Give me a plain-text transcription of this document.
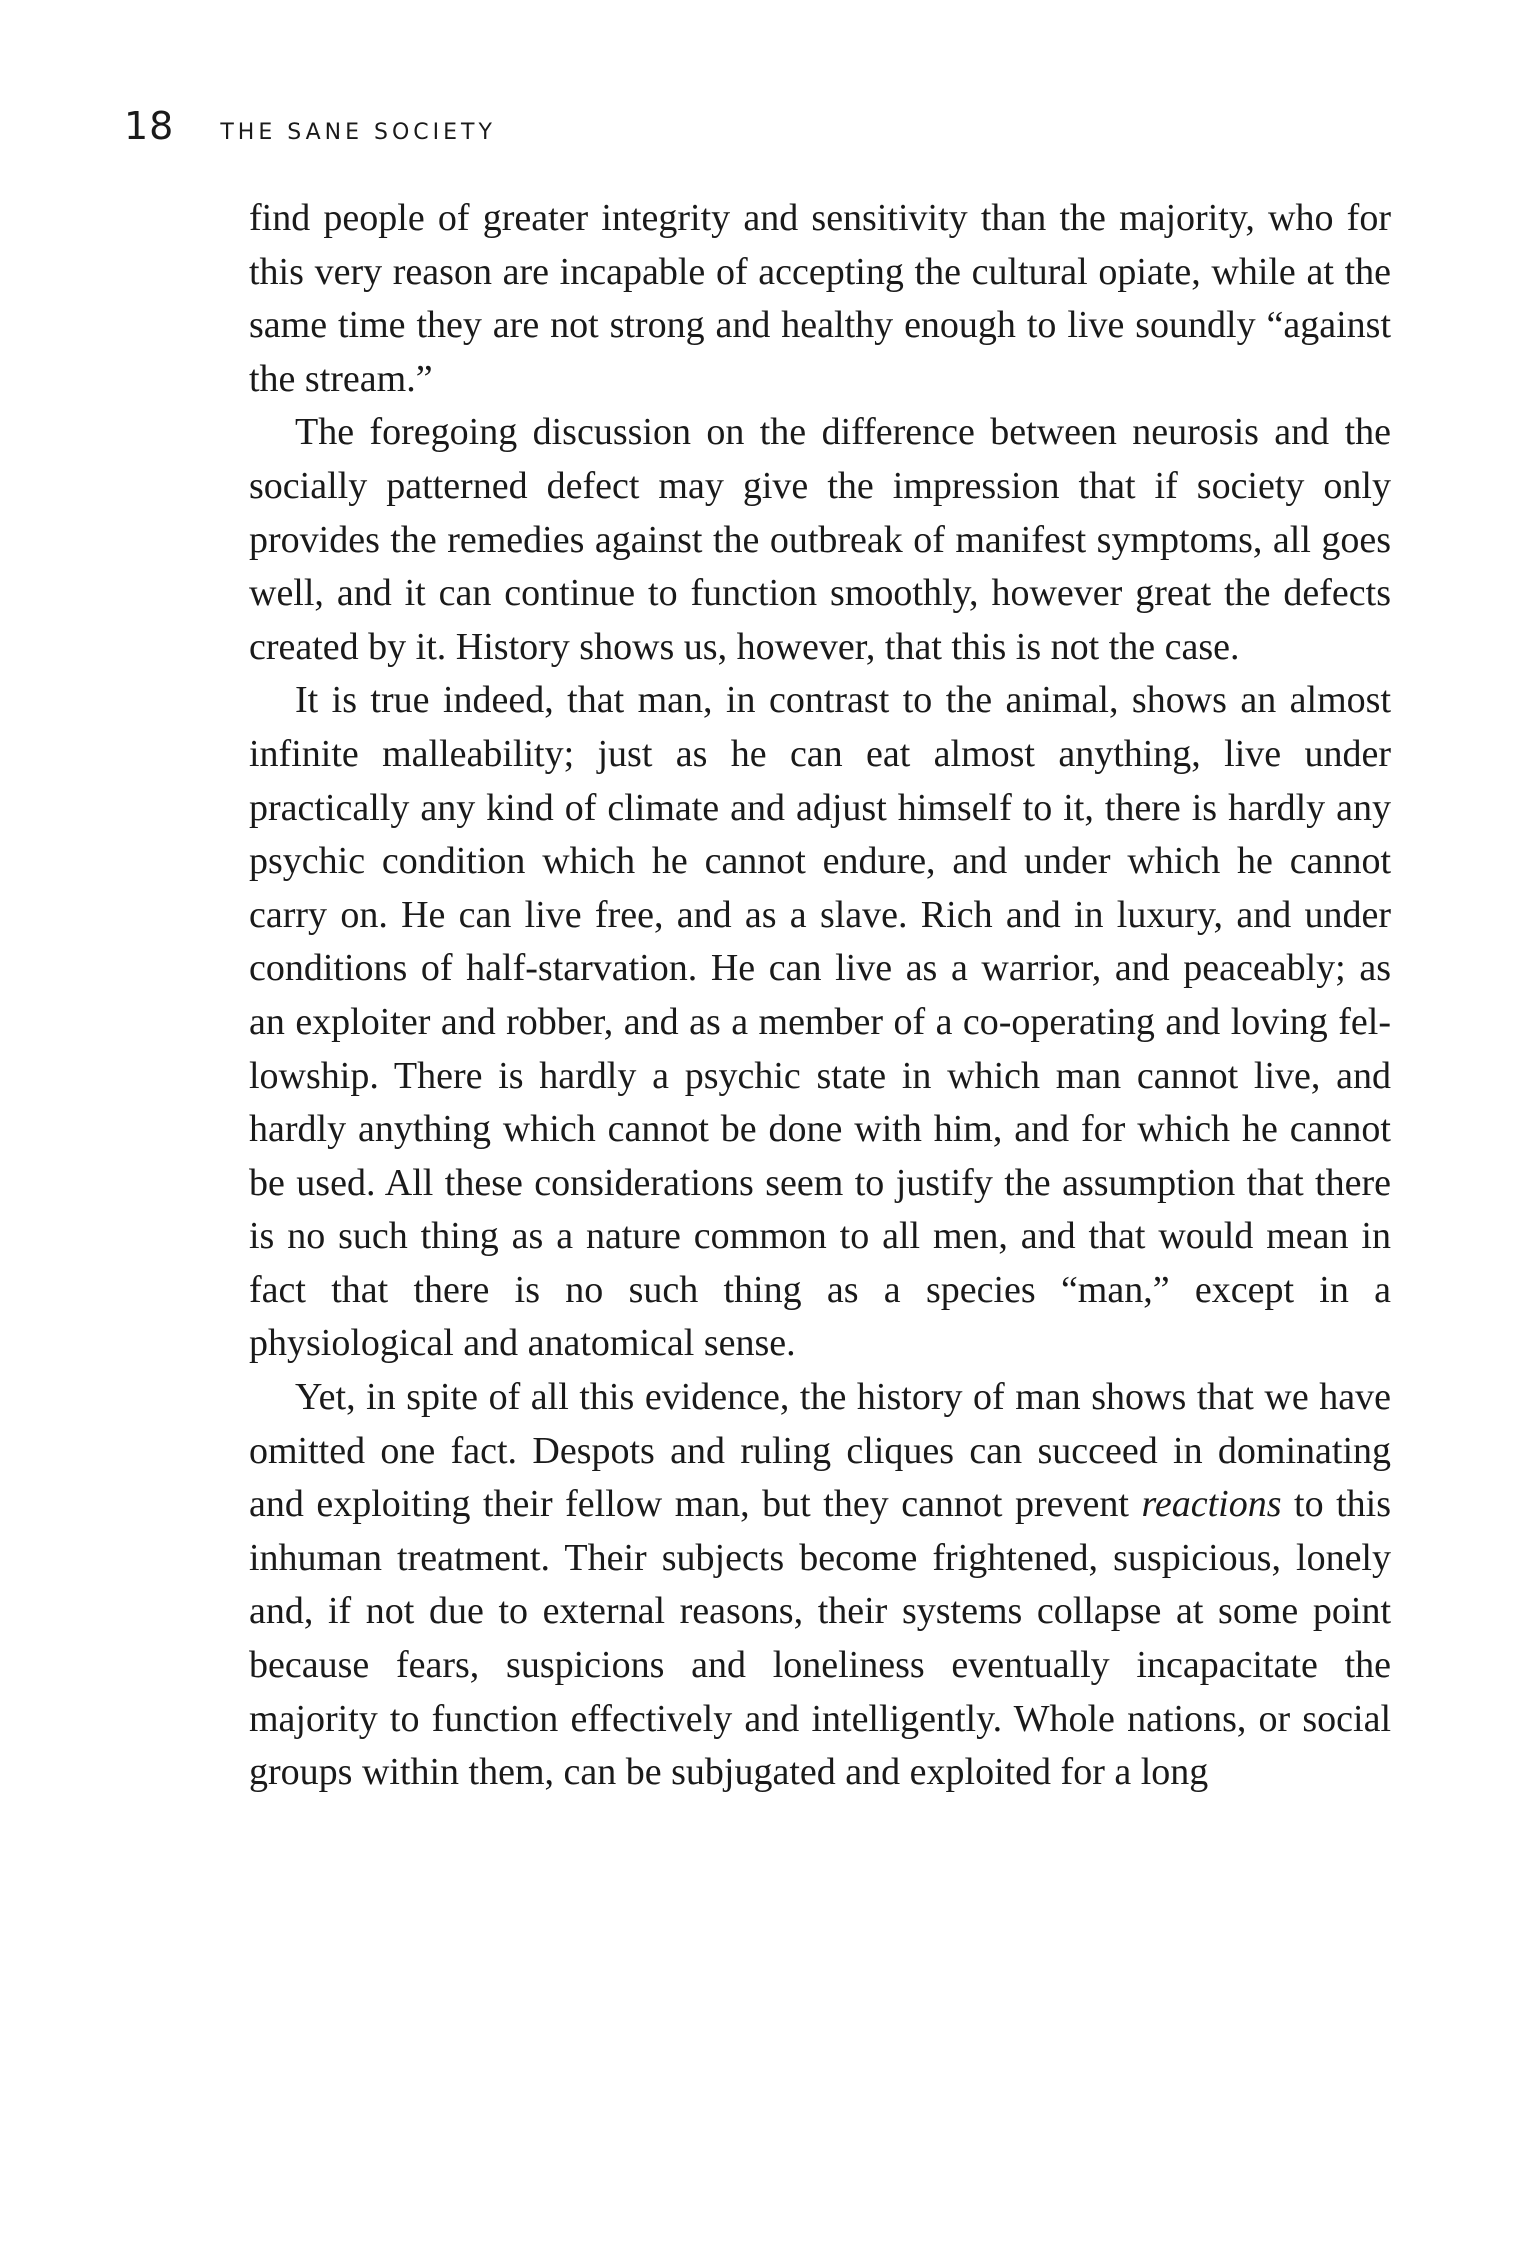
18 THE SANE SOCIETY

find people of greater integrity and sensitivity than the majority, who for this very reason are incapable of accepting the cultural opiate, while at the same time they are not strong and healthy enough to live soundly “against the stream.”

The foregoing discussion on the difference between neurosis and the socially patterned defect may give the impression that if society only provides the remedies against the outbreak of manifest symptoms, all goes well, and it can continue to function smoothly, however great the defects created by it. History shows us, however, that this is not the case.

It is true indeed, that man, in contrast to the animal, shows an almost infinite malleability; just as he can eat almost anything, live under practically any kind of climate and adjust himself to it, there is hardly any psychic condition which he cannot endure, and under which he cannot carry on. He can live free, and as a slave. Rich and in luxury, and under conditions of half-starvation. He can live as a warrior, and peaceably; as an exploiter and robber, and as a member of a co-operating and loving fellowship. There is hardly a psychic state in which man cannot live, and hardly anything which cannot be done with him, and for which he cannot be used. All these considerations seem to justify the assumption that there is no such thing as a nature common to all men, and that would mean in fact that there is no such thing as a species “man,” except in a physiological and anatomical sense.

Yet, in spite of all this evidence, the history of man shows that we have omitted one fact. Despots and ruling cliques can succeed in dominating and exploiting their fellow man, but they cannot prevent reactions to this inhuman treatment. Their subjects become frightened, suspicious, lonely and, if not due to external reasons, their systems collapse at some point because fears, suspicions and loneliness eventually incapacitate the majority to function effectively and intelligently. Whole nations, or social groups within them, can be subjugated and exploited for a long
